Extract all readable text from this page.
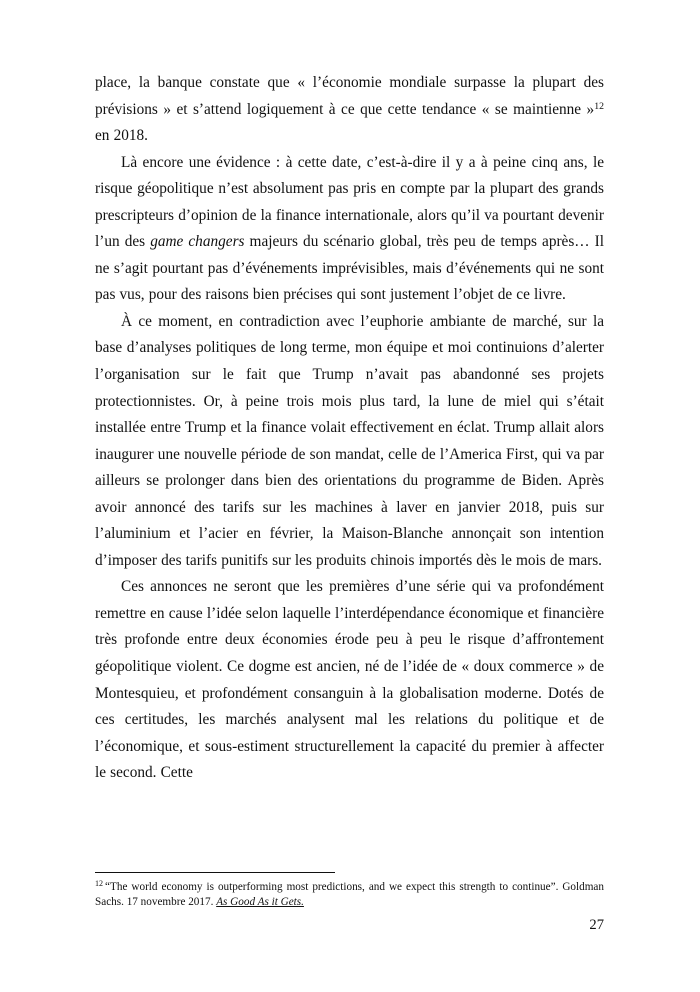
place, la banque constate que « l’économie mondiale surpasse la plupart des prévisions » et s’attend logiquement à ce que cette tendance « se maintienne »$^{12}$ en 2018.

Là encore une évidence : à cette date, c’est-à-dire il y a à peine cinq ans, le risque géopolitique n’est absolument pas pris en compte par la plupart des grands prescripteurs d’opinion de la finance internationale, alors qu’il va pourtant devenir l’un des game changers majeurs du scénario global, très peu de temps après… Il ne s’agit pourtant pas d’événements imprévisibles, mais d’événements qui ne sont pas vus, pour des raisons bien précises qui sont justement l’objet de ce livre.

À ce moment, en contradiction avec l’euphorie ambiante de marché, sur la base d’analyses politiques de long terme, mon équipe et moi continuions d’alerter l’organisation sur le fait que Trump n’avait pas abandonné ses projets protectionnistes. Or, à peine trois mois plus tard, la lune de miel qui s’était installée entre Trump et la finance volait effectivement en éclat. Trump allait alors inaugurer une nouvelle période de son mandat, celle de l’America First, qui va par ailleurs se prolonger dans bien des orientations du programme de Biden. Après avoir annoncé des tarifs sur les machines à laver en janvier 2018, puis sur l’aluminium et l’acier en février, la Maison-Blanche annonçait son intention d’imposer des tarifs punitifs sur les produits chinois importés dès le mois de mars.

Ces annonces ne seront que les premières d’une série qui va profondément remettre en cause l’idée selon laquelle l’interdépendance économique et financière très profonde entre deux économies érode peu à peu le risque d’affrontement géopolitique violent. Ce dogme est ancien, né de l’idée de « doux commerce » de Montesquieu, et profondément consanguin à la globalisation moderne. Dotés de ces certitudes, les marchés analysent mal les relations du politique et de l’économique, et sous-estiment structurellement la capacité du premier à affecter le second. Cette

$^{12}$ “The world economy is outperforming most predictions, and we expect this strength to continue”. Goldman Sachs. 17 novembre 2017. As Good As it Gets.

27
